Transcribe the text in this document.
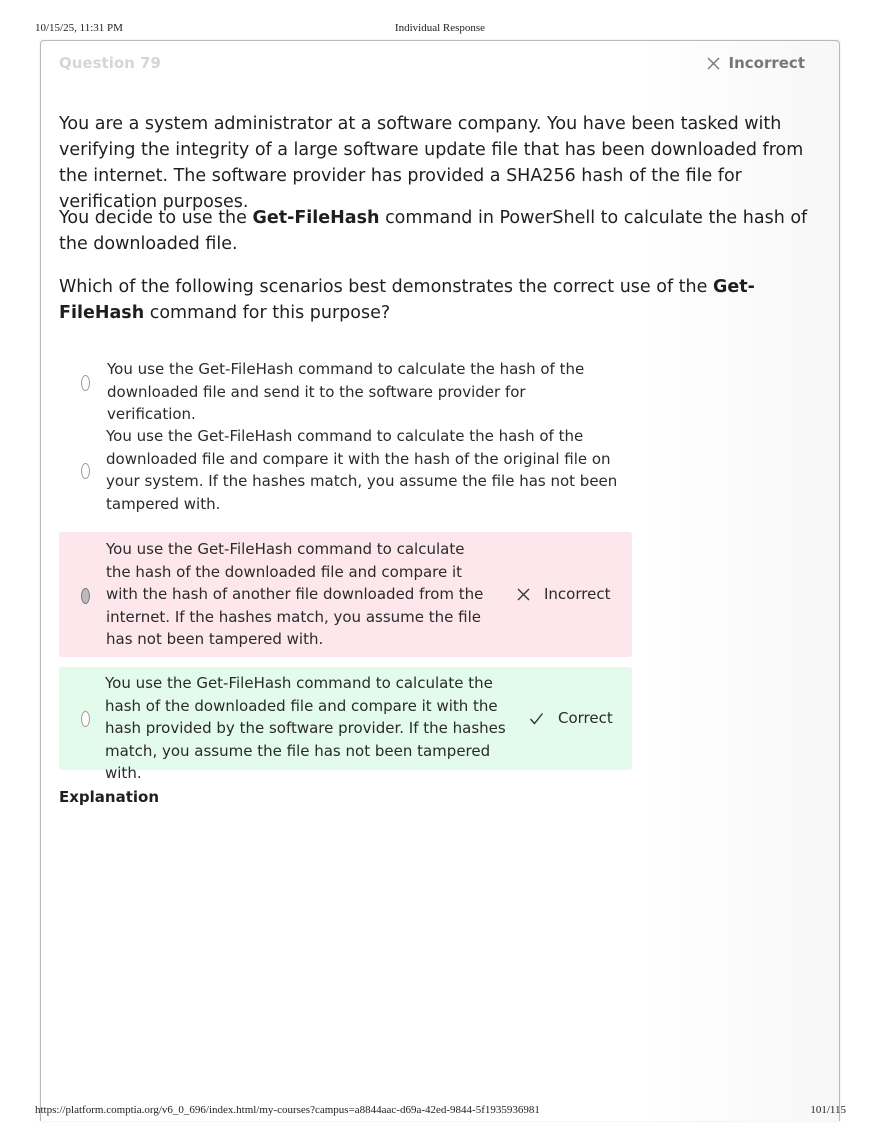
10/15/25, 11:31 PM	Individual Response
Question 79	Incorrect

You are a system administrator at a software company. You have been tasked with verifying the integrity of a large software update file that has been downloaded from the internet. The software provider has provided a SHA256 hash of the file for verification purposes.

You decide to use the Get-FileHash command in PowerShell to calculate the hash of the downloaded file.

Which of the following scenarios best demonstrates the correct use of the Get-FileHash command for this purpose?

You use the Get-FileHash command to calculate the hash of the downloaded file and send it to the software provider for verification.
You use the Get-FileHash command to calculate the hash of the downloaded file and compare it with the hash of the original file on your system. If the hashes match, you assume the file has not been tampered with.
You use the Get-FileHash command to calculate the hash of the downloaded file and compare it with the hash of another file downloaded from the internet. If the hashes match, you assume the file has not been tampered with.
Incorrect
You use the Get-FileHash command to calculate the hash of the downloaded file and compare it with the hash provided by the software provider. If the hashes match, you assume the file has not been tampered with.
Correct
Explanation
https://platform.comptia.org/v6_0_696/index.html/my-courses?campus=a8844aac-d69a-42ed-9844-5f1935936981	101/115
